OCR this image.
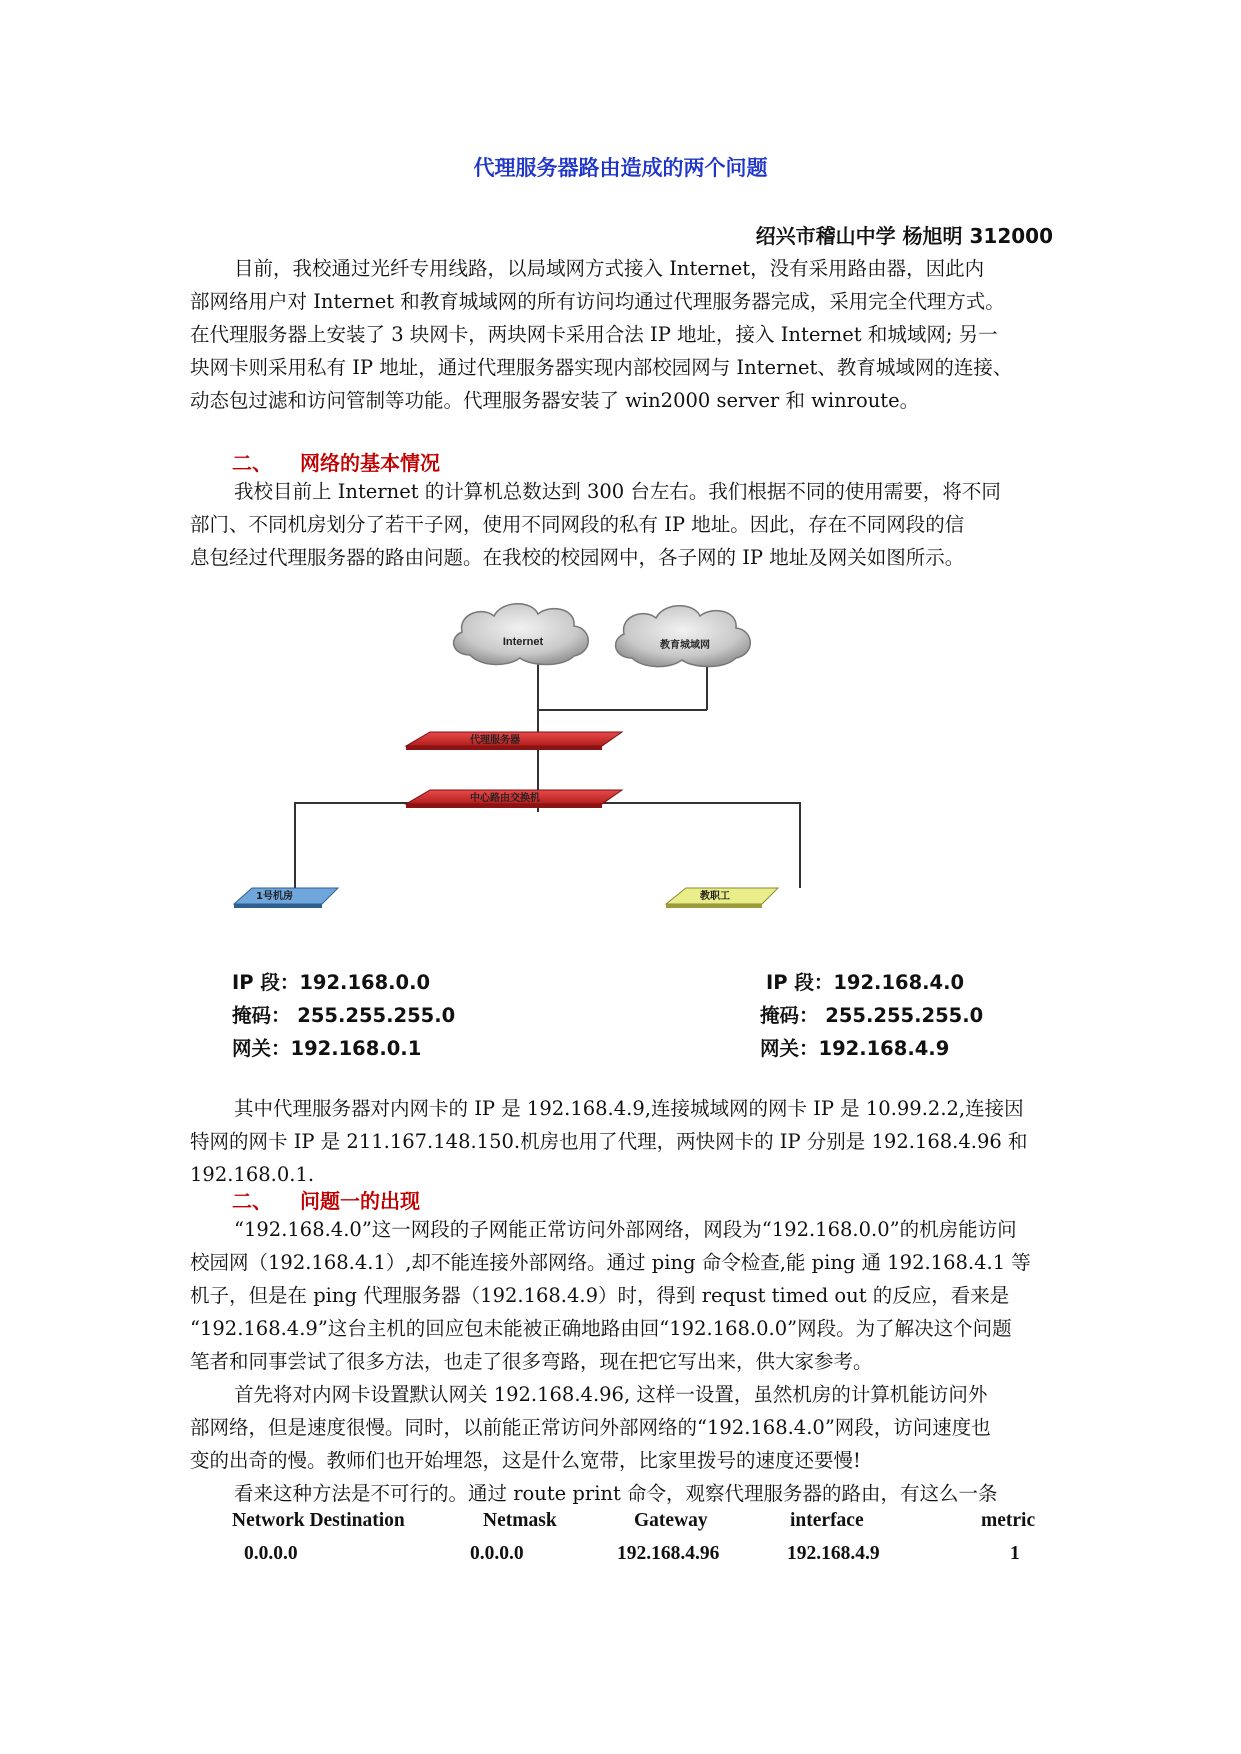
代理服务器路由造成的两个问题
绍兴市稽山中学 杨旭明 312000
目前，我校通过光纤专用线路，以局域网方式接入 Internet，没有采用路由器，因此内
部网络用户对 Internet 和教育城域网的所有访问均通过代理服务器完成，采用完全代理方式。
在代理服务器上安装了 3 块网卡，两块网卡采用合法 IP 地址，接入 Internet 和城域网; 另一
块网卡则采用私有 IP 地址，通过代理服务器实现内部校园网与 Internet、教育城域网的连接、
动态包过滤和访问管制等功能。代理服务器安装了 win2000 server 和 winroute。
二、 网络的基本情况
我校目前上 Internet 的计算机总数达到 300 台左右。我们根据不同的使用需要，将不同
部门、不同机房划分了若干子网，使用不同网段的私有 IP 地址。因此，存在不同网段的信
息包经过代理服务器的路由问题。在我校的校园网中，各子网的 IP 地址及网关如图所示。
Internet	教育城域网
代理服务器
中心路由交换机
1号机房	教职工
IP 段：192.168.0.0
掩码： 255.255.255.0
网关：192.168.0.1
IP 段：192.168.4.0
掩码： 255.255.255.0
网关：192.168.4.9
其中代理服务器对内网卡的 IP 是 192.168.4.9,连接城域网的网卡 IP 是 10.99.2.2,连接因
特网的网卡 IP 是 211.167.148.150.机房也用了代理，两快网卡的 IP 分别是 192.168.4.96 和
192.168.0.1.
二、 问题一的出现
“192.168.4.0”这一网段的子网能正常访问外部网络，网段为“192.168.0.0”的机房能访问
校园网（192.168.4.1）,却不能连接外部网络。通过 ping 命令检查,能 ping 通 192.168.4.1 等
机子，但是在 ping 代理服务器（192.168.4.9）时，得到 requst timed out 的反应，看来是
“192.168.4.9”这台主机的回应包未能被正确地路由回“192.168.0.0”网段。为了解决这个问题
笔者和同事尝试了很多方法，也走了很多弯路，现在把它写出来，供大家参考。
首先将对内网卡设置默认网关 192.168.4.96, 这样一设置，虽然机房的计算机能访问外
部网络，但是速度很慢。同时，以前能正常访问外部网络的“192.168.4.0”网段，访问速度也
变的出奇的慢。教师们也开始埋怨，这是什么宽带，比家里拨号的速度还要慢!
看来这种方法是不可行的。通过 route print 命令，观察代理服务器的路由，有这么一条
Network Destination	Netmask	Gateway	interface	metric
0.0.0.0	0.0.0.0	192.168.4.96	192.168.4.9	1
